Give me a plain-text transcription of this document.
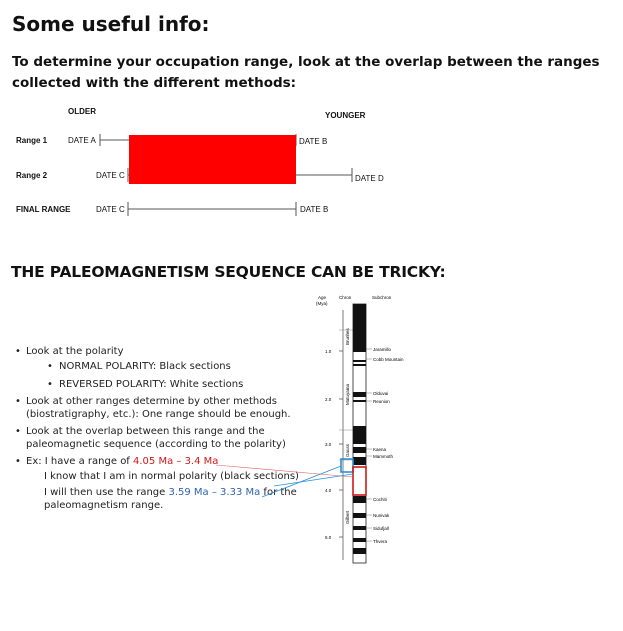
Some useful info:
To determine your occupation range, look at the overlap between the ranges collected with the different methods:
OLDER	YOUNGER
Range 1	DATE A	DATE B
Range 2	DATE C	DATE D
FINAL RANGE	DATE C	DATE B
THE PALEOMAGNETISM SEQUENCE CAN BE TRICKY:
• Look at the polarity
• NORMAL POLARITY: Black sections
• REVERSED POLARITY: White sections
• Look at other ranges determine by other methods
(biostratigraphy, etc.): One range should be enough.
• Look at the overlap between this range and the
paleomagnetic sequence (according to the polarity)
• Ex: I have a range of 4.05 Ma – 3.4 Ma
I know that I am in normal polarity (black sections)
I will then use the range 3.59 Ma – 3.33 Ma for the
paleomagnetism range.
Brunhes
Matuyama
Gauss
Gilbert
Age
(Mya)
Chron	Subchron
1.0
2.0
3.0
4.0
5.0
Jaramillo
Cobb Mountain
Olduvai
Reunion
Kaena
Mammoth
Cochiti
Nunivak
Sidufjall
Thvera
